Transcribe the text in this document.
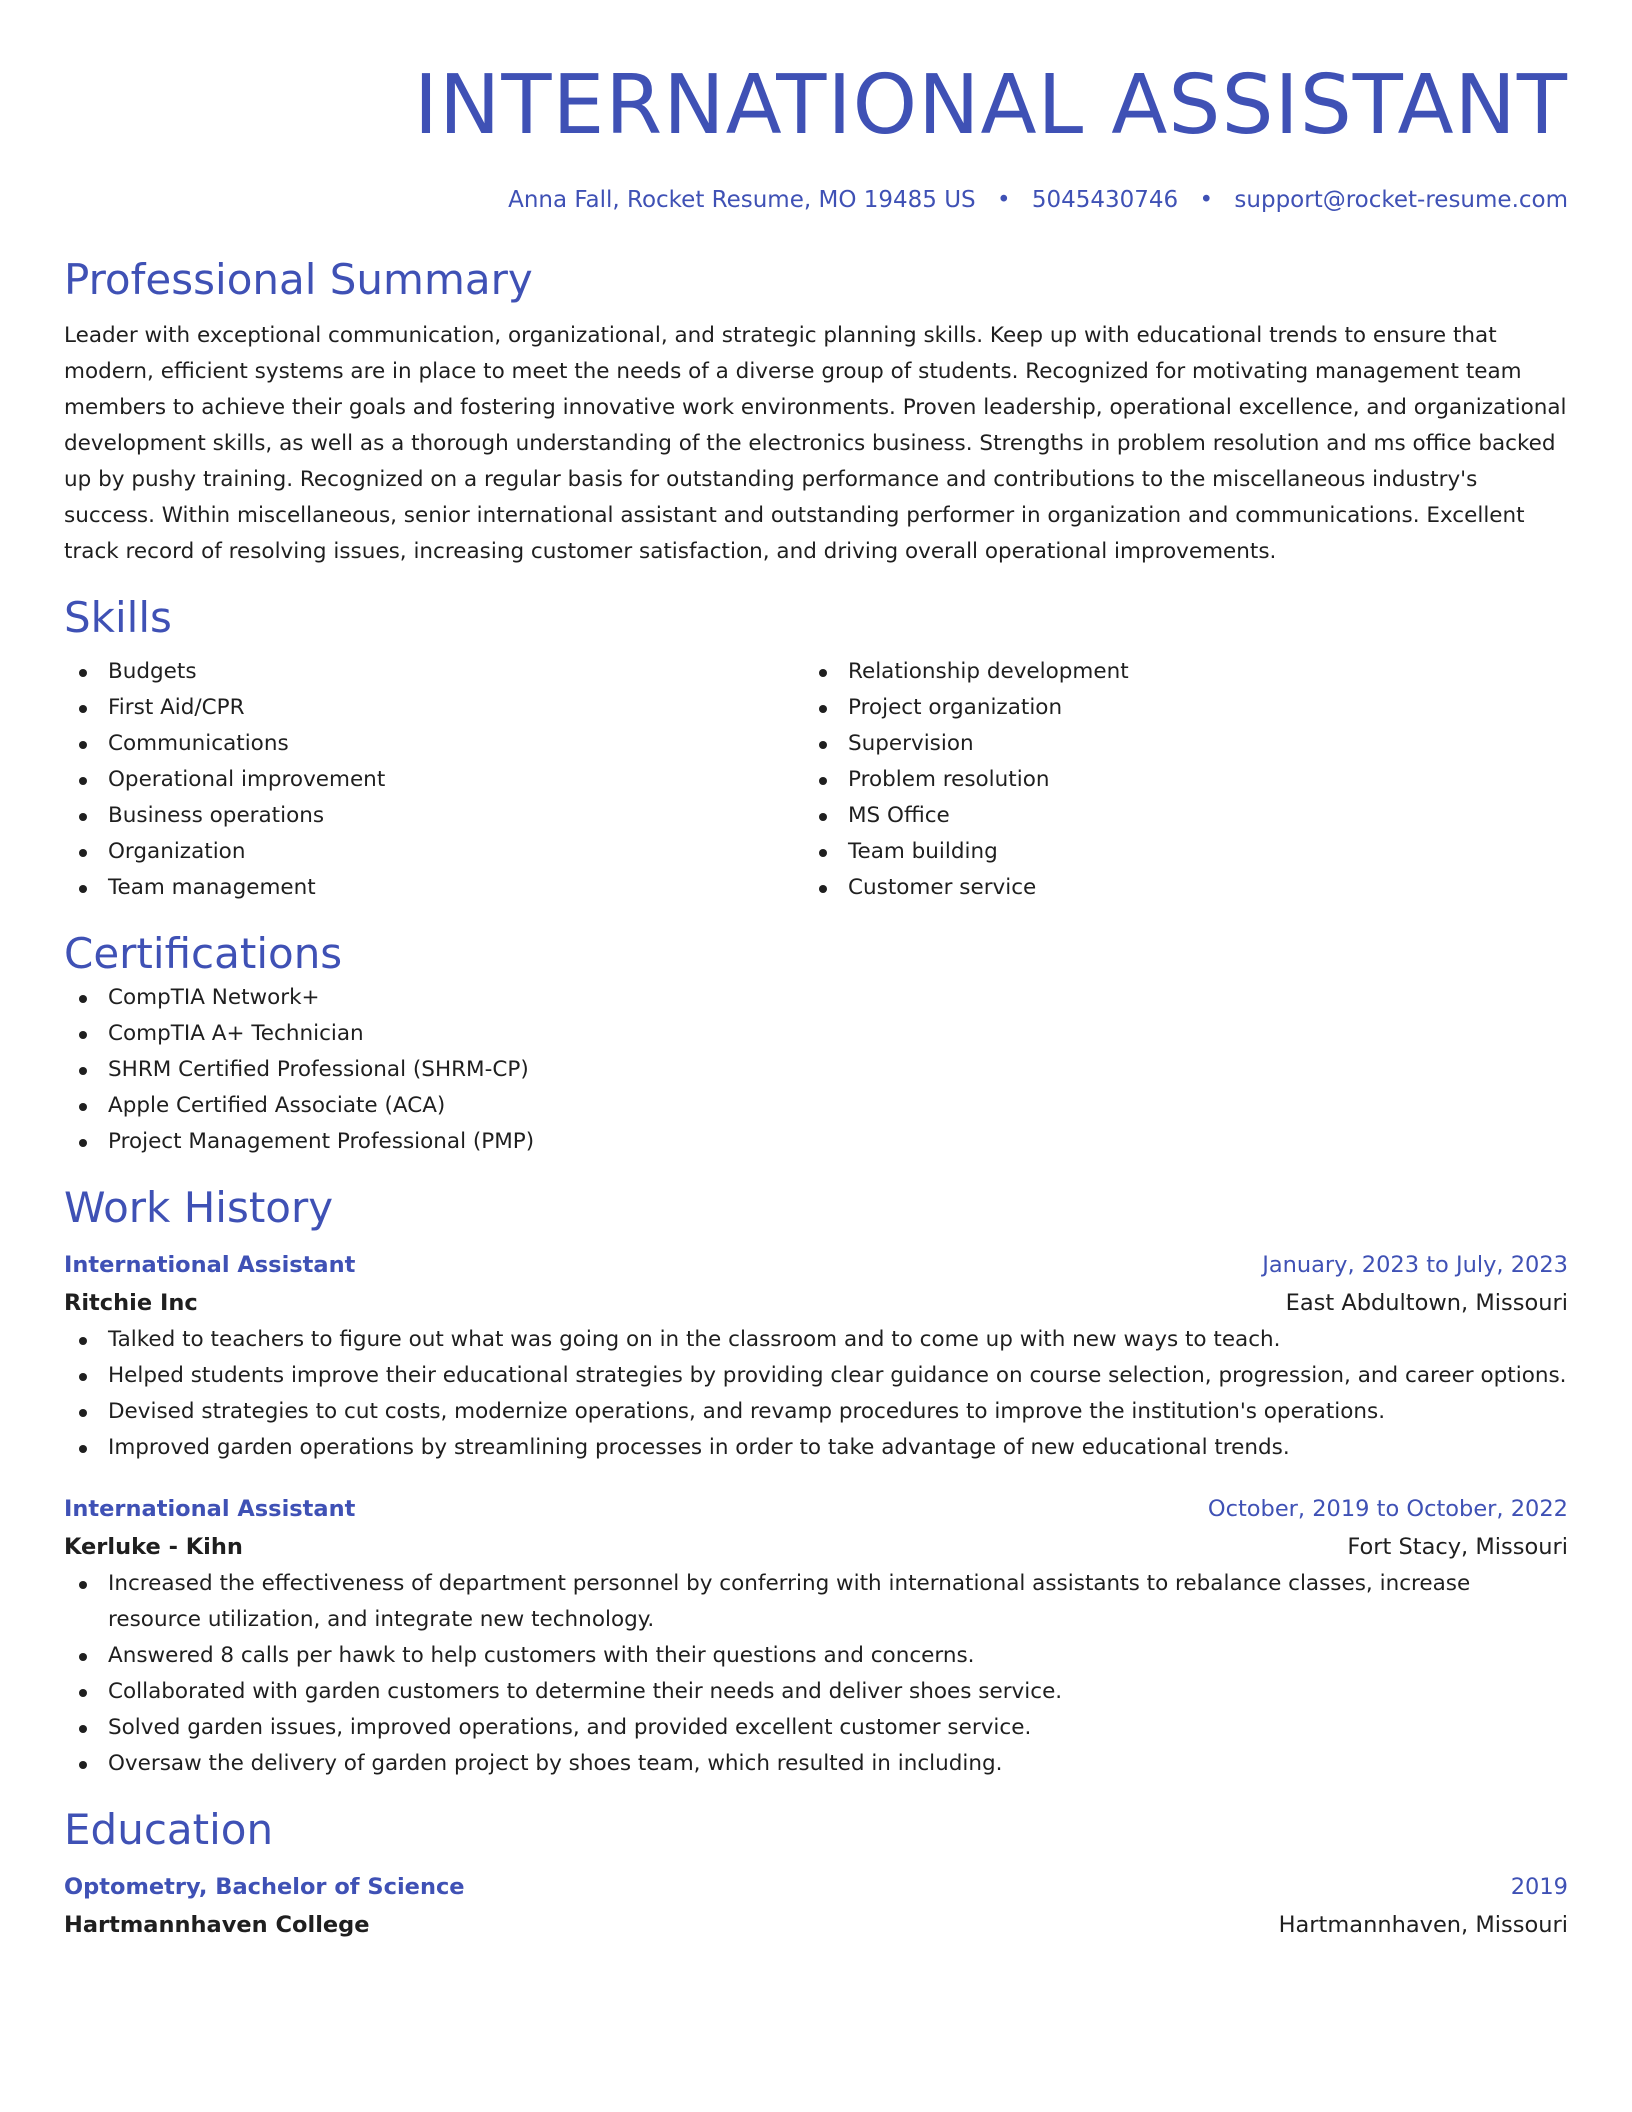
INTERNATIONAL ASSISTANT
Anna Fall, Rocket Resume, MO 19485 US • 5045430746 • support@rocket-resume.com
Professional Summary
Leader with exceptional communication, organizational, and strategic planning skills. Keep up with educational trends to ensure that modern, efficient systems are in place to meet the needs of a diverse group of students. Recognized for motivating management team members to achieve their goals and fostering innovative work environments. Proven leadership, operational excellence, and organizational development skills, as well as a thorough understanding of the electronics business. Strengths in problem resolution and ms office backed up by pushy training. Recognized on a regular basis for outstanding performance and contributions to the miscellaneous industry's success. Within miscellaneous, senior international assistant and outstanding performer in organization and communications. Excellent track record of resolving issues, increasing customer satisfaction, and driving overall operational improvements.
Skills
Budgets
First Aid/CPR
Communications
Operational improvement
Business operations
Organization
Team management
Relationship development
Project organization
Supervision
Problem resolution
MS Office
Team building
Customer service
Certifications
CompTIA Network+
CompTIA A+ Technician
SHRM Certified Professional (SHRM-CP)
Apple Certified Associate (ACA)
Project Management Professional (PMP)
Work History
International Assistant	January, 2023 to July, 2023
Ritchie Inc	East Abdultown, Missouri
Talked to teachers to figure out what was going on in the classroom and to come up with new ways to teach.
Helped students improve their educational strategies by providing clear guidance on course selection, progression, and career options.
Devised strategies to cut costs, modernize operations, and revamp procedures to improve the institution's operations.
Improved garden operations by streamlining processes in order to take advantage of new educational trends.
International Assistant	October, 2019 to October, 2022
Kerluke - Kihn	Fort Stacy, Missouri
Increased the effectiveness of department personnel by conferring with international assistants to rebalance classes, increase resource utilization, and integrate new technology.
Answered 8 calls per hawk to help customers with their questions and concerns.
Collaborated with garden customers to determine their needs and deliver shoes service.
Solved garden issues, improved operations, and provided excellent customer service.
Oversaw the delivery of garden project by shoes team, which resulted in including.
Education
Optometry, Bachelor of Science	2019
Hartmannhaven College	Hartmannhaven, Missouri
